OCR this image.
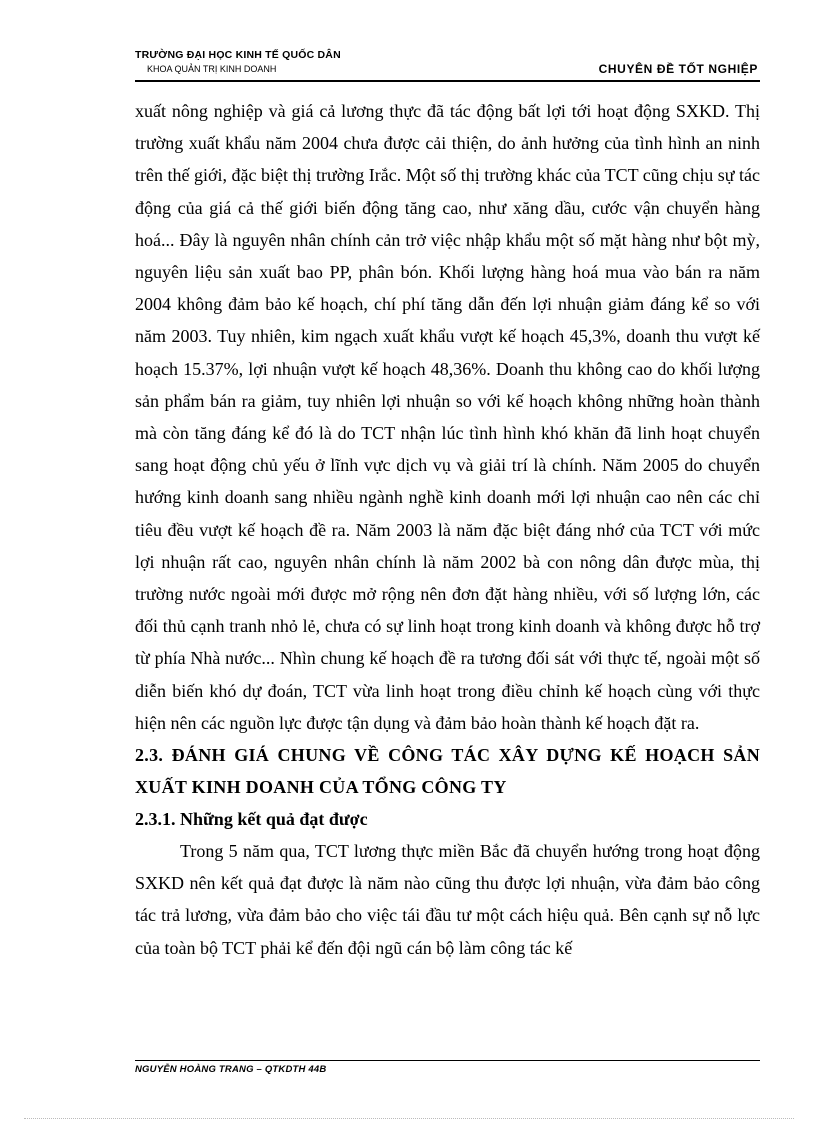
TRƯỜNG ĐẠI HỌC KINH TẾ QUỐC DÂN
KHOA QUẢN TRỊ KINH DOANH	CHUYÊN ĐỀ TỐT NGHIỆP

xuất nông nghiệp và giá cả lương thực đã tác động bất lợi tới hoạt động SXKD. Thị trường xuất khẩu năm 2004 chưa được cải thiện, do ảnh hưởng của tình hình an ninh trên thế giới, đặc biệt thị trường Irắc. Một số thị trường khác của TCT cũng chịu sự tác động của giá cả thế giới biến động tăng cao, như xăng dầu, cước vận chuyển hàng hoá... Đây là nguyên nhân chính cản trở việc nhập khẩu một số mặt hàng như bột mỳ, nguyên liệu sản xuất bao PP, phân bón. Khối lượng hàng hoá mua vào bán ra năm 2004 không đảm bảo kế hoạch, chí phí tăng dẫn đến lợi nhuận giảm đáng kể so với năm 2003. Tuy nhiên, kim ngạch xuất khẩu vượt kế hoạch 45,3%, doanh thu vượt kế hoạch 15.37%, lợi nhuận vượt kế hoạch 48,36%. Doanh thu không cao do khối lượng sản phẩm bán ra giảm, tuy nhiên lợi nhuận so với kế hoạch không những hoàn thành mà còn tăng đáng kể đó là do TCT nhận lúc tình hình khó khăn đã linh hoạt chuyển sang hoạt động chủ yếu ở lĩnh vực dịch vụ và giải trí là chính. Năm 2005 do chuyển hướng kinh doanh sang nhiều ngành nghề kinh doanh mới lợi nhuận cao nên các chỉ tiêu đều vượt kế hoạch đề ra. Năm 2003 là năm đặc biệt đáng nhớ của TCT với mức lợi nhuận rất cao, nguyên nhân chính là năm 2002 bà con nông dân được mùa, thị trường nước ngoài mới được mở rộng nên đơn đặt hàng nhiều, với số lượng lớn, các đối thủ cạnh tranh nhỏ lẻ, chưa có sự linh hoạt trong kinh doanh và không được hỗ trợ từ phía Nhà nước... Nhìn chung kế hoạch đề ra tương đối sát với thực tế, ngoài một số diễn biến khó dự đoán, TCT vừa linh hoạt trong điều chỉnh kế hoạch cùng với thực hiện nên các nguồn lực được tận dụng và đảm bảo hoàn thành kế hoạch đặt ra.

2.3. ĐÁNH GIÁ CHUNG VỀ CÔNG TÁC XÂY DỰNG KẾ HOẠCH SẢN XUẤT KINH DOANH CỦA TỔNG CÔNG TY

2.3.1. Những kết quả đạt được

Trong 5 năm qua, TCT lương thực miền Bắc đã chuyển hướng trong hoạt động SXKD nên kết quả đạt được là năm nào cũng thu được lợi nhuận, vừa đảm bảo công tác trả lương, vừa đảm bảo cho việc tái đầu tư một cách hiệu quả. Bên cạnh sự nỗ lực của toàn bộ TCT phải kể đến đội ngũ cán bộ làm công tác kế

NGUYỄN HOÀNG TRANG – QTKDTH 44B
